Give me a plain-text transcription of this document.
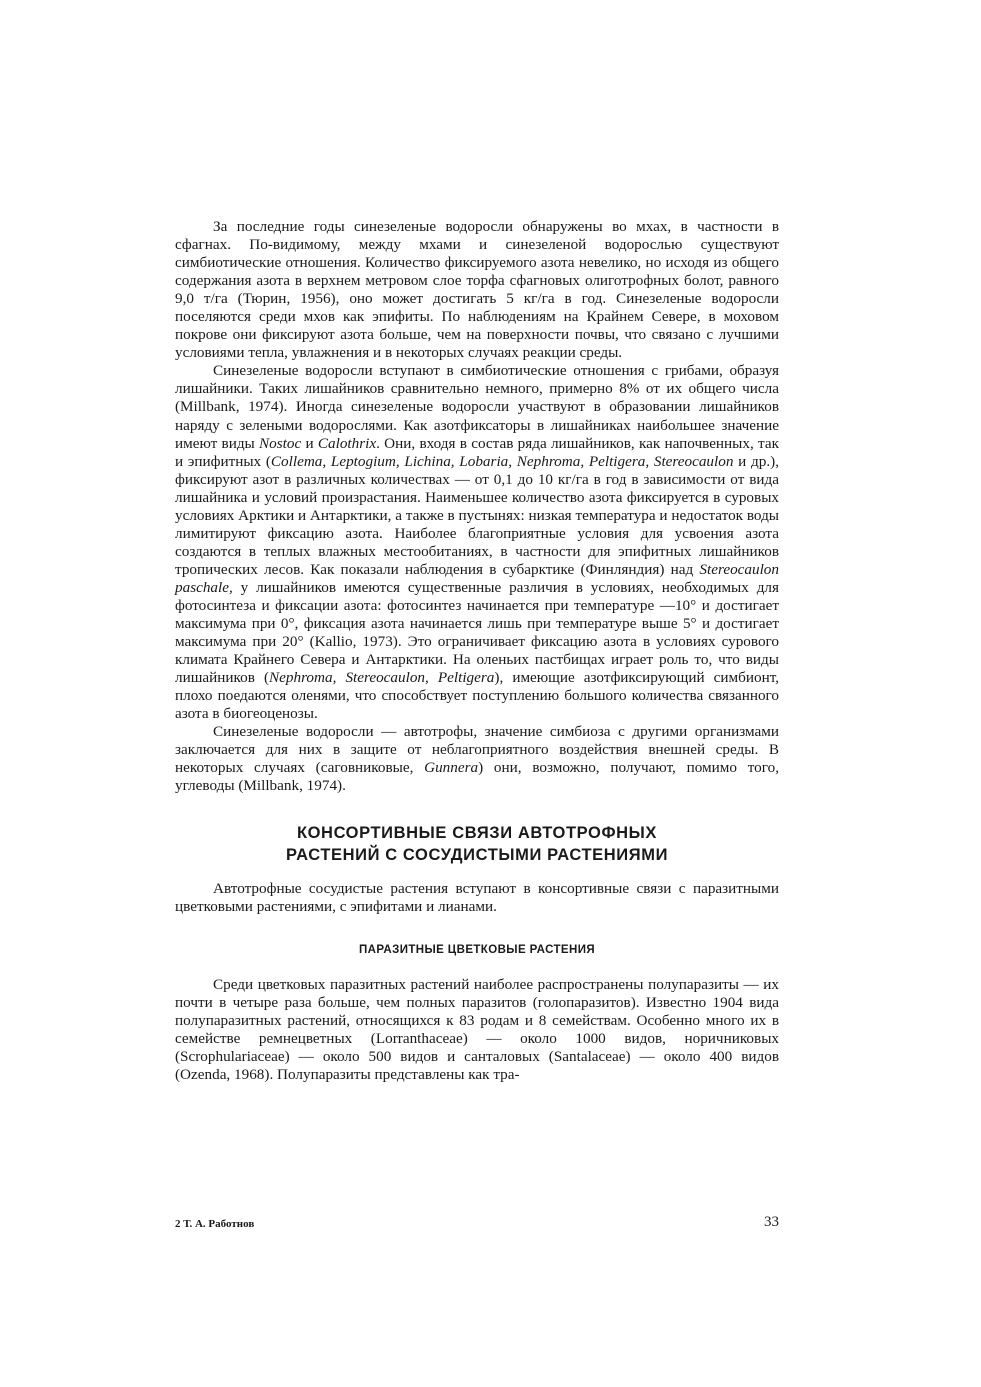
За последние годы синезеленые водоросли обнаружены во мхах, в частности в сфагнах. По-видимому, между мхами и синезеленой водорослью существуют симбиотические отношения. Количество фиксируемого азота невелико, но исходя из общего содержания азота в верхнем метровом слое торфа сфагновых олиготрофных болот, равного 9,0 т/га (Тюрин, 1956), оно может достигать 5 кг/га в год. Синезеленые водоросли поселяются среди мхов как эпифиты. По наблюдениям на Крайнем Севере, в моховом покрове они фиксируют азота больше, чем на поверхности почвы, что связано с лучшими условиями тепла, увлажнения и в некоторых случаях реакции среды.

Синезеленые водоросли вступают в симбиотические отношения с грибами, образуя лишайники. Таких лишайников сравнительно немного, примерно 8% от их общего числа (Millbank, 1974). Иногда синезеленые водоросли участвуют в образовании лишайников наряду с зелеными водорослями. Как азотфиксаторы в лишайниках наибольшее значение имеют виды Nostoc и Calothrix. Они, входя в состав ряда лишайников, как напочвенных, так и эпифитных (Collema, Leptogium, Lichina, Lobaria, Nephroma, Peltigera, Stereocaulon и др.), фиксируют азот в различных количествах — от 0,1 до 10 кг/га в год в зависимости от вида лишайника и условий произрастания. Наименьшее количество азота фиксируется в суровых условиях Арктики и Антарктики, а также в пустынях: низкая температура и недостаток воды лимитируют фиксацию азота. Наиболее благоприятные условия для усвоения азота создаются в теплых влажных местообитаниях, в частности для эпифитных лишайников тропических лесов. Как показали наблюдения в субарктике (Финляндия) над Stereocaulon paschale, у лишайников имеются существенные различия в условиях, необходимых для фотосинтеза и фиксации азота: фотосинтез начинается при температуре —10° и достигает максимума при 0°, фиксация азота начинается лишь при температуре выше 5° и достигает максимума при 20° (Kallio, 1973). Это ограничивает фиксацию азота в условиях сурового климата Крайнего Севера и Антарктики. На оленьих пастбищах играет роль то, что виды лишайников (Nephroma, Stereocaulon, Peltigera), имеющие азотфиксирующий симбионт, плохо поедаются оленями, что способствует поступлению большого количества связанного азота в биогеоценозы.

Синезеленые водоросли — автотрофы, значение симбиоза с другими организмами заключается для них в защите от неблагоприятного воздействия внешней среды. В некоторых случаях (саговниковые, Gunnera) они, возможно, получают, помимо того, углеводы (Millbank, 1974).

КОНСОРТИВНЫЕ СВЯЗИ АВТОТРОФНЫХ
РАСТЕНИЙ С СОСУДИСТЫМИ РАСТЕНИЯМИ

Автотрофные сосудистые растения вступают в консортивные связи с паразитными цветковыми растениями, с эпифитами и лианами.

ПАРАЗИТНЫЕ ЦВЕТКОВЫЕ РАСТЕНИЯ

Среди цветковых паразитных растений наиболее распространены полупаразиты — их почти в четыре раза больше, чем полных паразитов (голопаразитов). Известно 1904 вида полупаразитных растений, относящихся к 83 родам и 8 семействам. Особенно много их в семействе ремнецветных (Lorranthaceae) — около 1000 видов, норичниковых (Scrophulariaceae) — около 500 видов и санталовых (Santalaceae) — около 400 видов (Ozenda, 1968). Полупаразиты представлены как тра-

2 Т. А. Работнов	33
